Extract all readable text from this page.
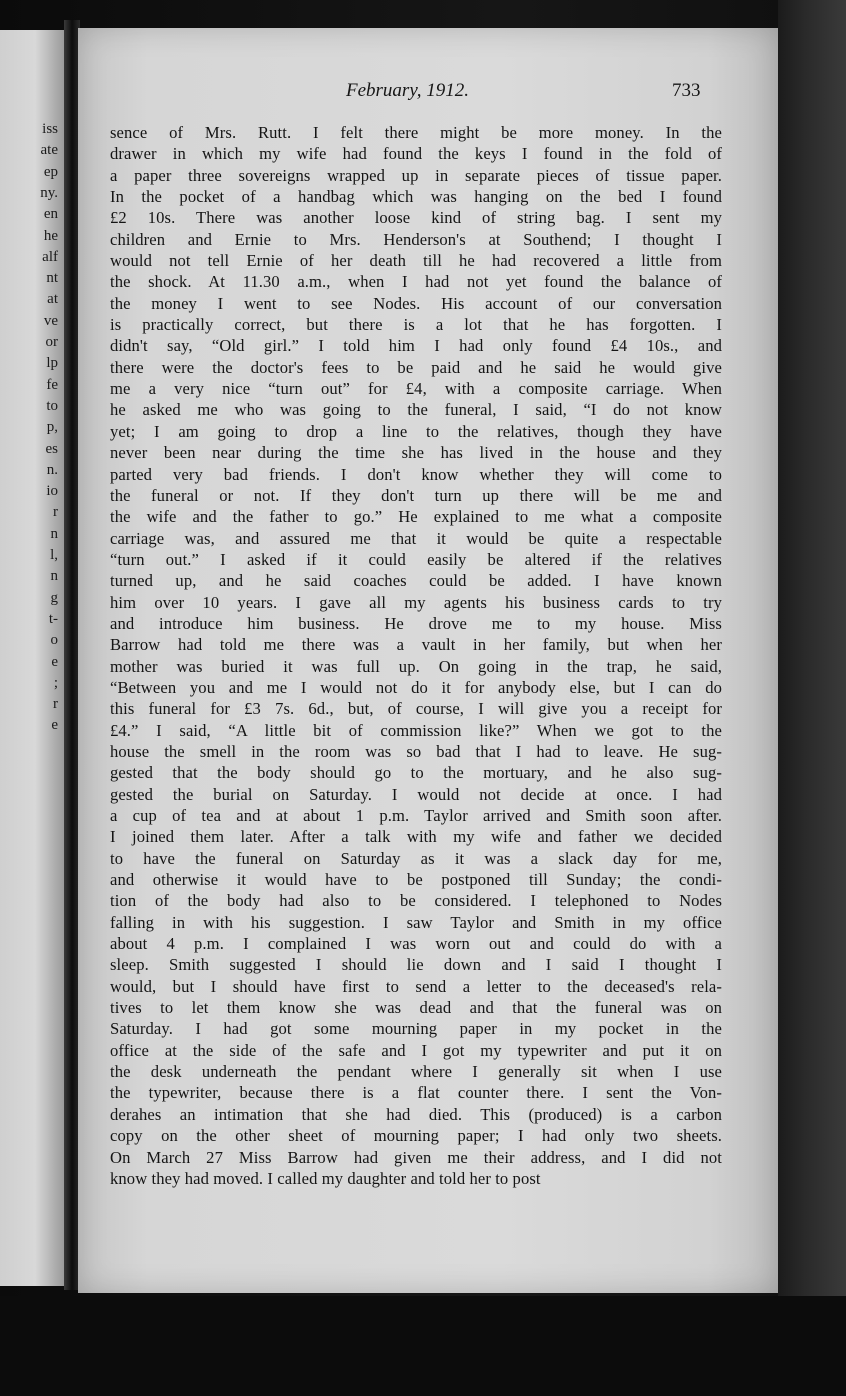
iss
ate
ep
ny.
en
he
alf
nt
at
ve
or
lp
fe
to
p,
es
n.
io
r
n
l,
n
g
t-
o
e
;
r
e
February, 1912.	733
sence of Mrs. Rutt. I felt there might be more money. In the
drawer in which my wife had found the keys I found in the fold of
a paper three sovereigns wrapped up in separate pieces of tissue paper.
In the pocket of a handbag which was hanging on the bed I found
£2 10s. There was another loose kind of string bag. I sent my
children and Ernie to Mrs. Henderson's at Southend; I thought I
would not tell Ernie of her death till he had recovered a little from
the shock. At 11.30 a.m., when I had not yet found the balance of
the money I went to see Nodes. His account of our conversation
is practically correct, but there is a lot that he has forgotten. I
didn't say, “Old girl.” I told him I had only found £4 10s., and
there were the doctor's fees to be paid and he said he would give
me a very nice “turn out” for £4, with a composite carriage. When
he asked me who was going to the funeral, I said, “I do not know
yet; I am going to drop a line to the relatives, though they have
never been near during the time she has lived in the house and they
parted very bad friends. I don't know whether they will come to
the funeral or not. If they don't turn up there will be me and
the wife and the father to go.” He explained to me what a composite
carriage was, and assured me that it would be quite a respectable
“turn out.” I asked if it could easily be altered if the relatives
turned up, and he said coaches could be added. I have known
him over 10 years. I gave all my agents his business cards to try
and introduce him business. He drove me to my house. Miss
Barrow had told me there was a vault in her family, but when her
mother was buried it was full up. On going in the trap, he said,
“Between you and me I would not do it for anybody else, but I can do
this funeral for £3 7s. 6d., but, of course, I will give you a receipt for
£4.” I said, “A little bit of commission like?” When we got to the
house the smell in the room was so bad that I had to leave. He sug-
gested that the body should go to the mortuary, and he also sug-
gested the burial on Saturday. I would not decide at once. I had
a cup of tea and at about 1 p.m. Taylor arrived and Smith soon after.
I joined them later. After a talk with my wife and father we decided
to have the funeral on Saturday as it was a slack day for me,
and otherwise it would have to be postponed till Sunday; the condi-
tion of the body had also to be considered. I telephoned to Nodes
falling in with his suggestion. I saw Taylor and Smith in my office
about 4 p.m. I complained I was worn out and could do with a
sleep. Smith suggested I should lie down and I said I thought I
would, but I should have first to send a letter to the deceased's rela-
tives to let them know she was dead and that the funeral was on
Saturday. I had got some mourning paper in my pocket in the
office at the side of the safe and I got my typewriter and put it on
the desk underneath the pendant where I generally sit when I use
the typewriter, because there is a flat counter there. I sent the Von-
derahes an intimation that she had died. This (produced) is a carbon
copy on the other sheet of mourning paper; I had only two sheets.
On March 27 Miss Barrow had given me their address, and I did not
know they had moved. I called my daughter and told her to post
